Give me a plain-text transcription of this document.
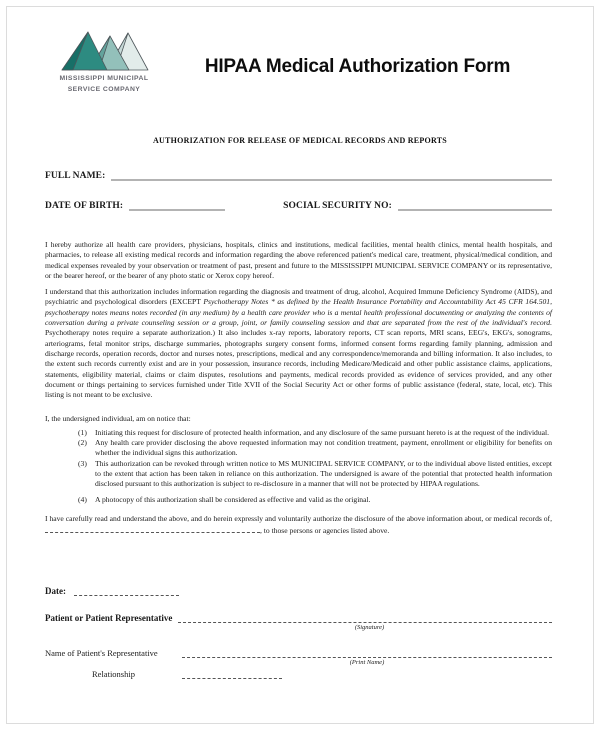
MISSISSIPPI MUNICIPAL
SERVICE COMPANY
HIPAA Medical Authorization Form
AUTHORIZATION FOR RELEASE OF MEDICAL RECORDS AND REPORTS
FULL NAME:
DATE OF BIRTH:	SOCIAL SECURITY NO:

I hereby authorize all health care providers, physicians, hospitals, clinics and institutions, medical facilities, mental health clinics, mental health hospitals, and pharmacies, to release all existing medical records and information regarding the above referenced patient's medical care, treatment, physical/medical condition, and medical expenses revealed by your observation or treatment of past, present and future to the MISSISSIPPI MUNICIPAL SERVICE COMPANY or its representative, or the bearer hereof, or the bearer of any photo static or Xerox copy hereof.

I understand that this authorization includes information regarding the diagnosis and treatment of drug, alcohol, Acquired Immune Deficiency Syndrome (AIDS), and psychiatric and psychological disorders (EXCEPT Psychotherapy Notes * as defined by the Health Insurance Portability and Accountability Act 45 CFR 164.501, psychotherapy notes means notes recorded (in any medium) by a health care provider who is a mental health professional documenting or analyzing the contents of conversation during a private counseling session or a group, joint, or family counseling session and that are separated from the rest of the individual's record. Psychotherapy notes require a separate authorization.) It also includes x-ray reports, laboratory reports, CT scan reports, MRI scans, EEG's, EKG's, sonograms, arteriograms, fetal monitor strips, discharge summaries, photographs surgery consent forms, informed consent forms regarding family planning, admission and discharge records, operation records, doctor and nurses notes, prescriptions, medical and any correspondence/memoranda and billing information. It also includes, to the extent such records currently exist and are in your possession, insurance records, including Medicare/Medicaid and other public assistance claims, applications, statements, eligibility material, claims or claim disputes, resolutions and payments, medical records provided as evidence of services provided, and any other document or things pertaining to services furnished under Title XVII of the Social Security Act or other forms of public assistance (federal, state, local, etc). This listing is not meant to be exclusive.

I, the undersigned individual, am on notice that:
(1)	Initiating this request for disclosure of protected health information, and any disclosure of the same pursuant hereto is at the request of the individual.
(2)	Any health care provider disclosing the above requested information may not condition treatment, payment, enrollment or eligibility for benefits on whether the individual signs this authorization.
(3)	This authorization can be revoked through written notice to MS MUNICIPAL SERVICE COMPANY, or to the individual above listed entities, except to the extent that action has been taken in reliance on this authorization. The undersigned is aware of the potential that protected health information disclosed pursuant to this authorization is subject to re-disclosure in a manner that will not be protected by HIPAA regulations.
(4)	A photocopy of this authorization shall be considered as effective and valid as the original.

I have carefully read and understand the above, and do herein expressly and voluntarily authorize the disclosure of the above information about, or medical records of, , to those persons or agencies listed above.

Date:
Patient or Patient Representative
(Signature)
Name of Patient's Representative
(Print Name)
Relationship
